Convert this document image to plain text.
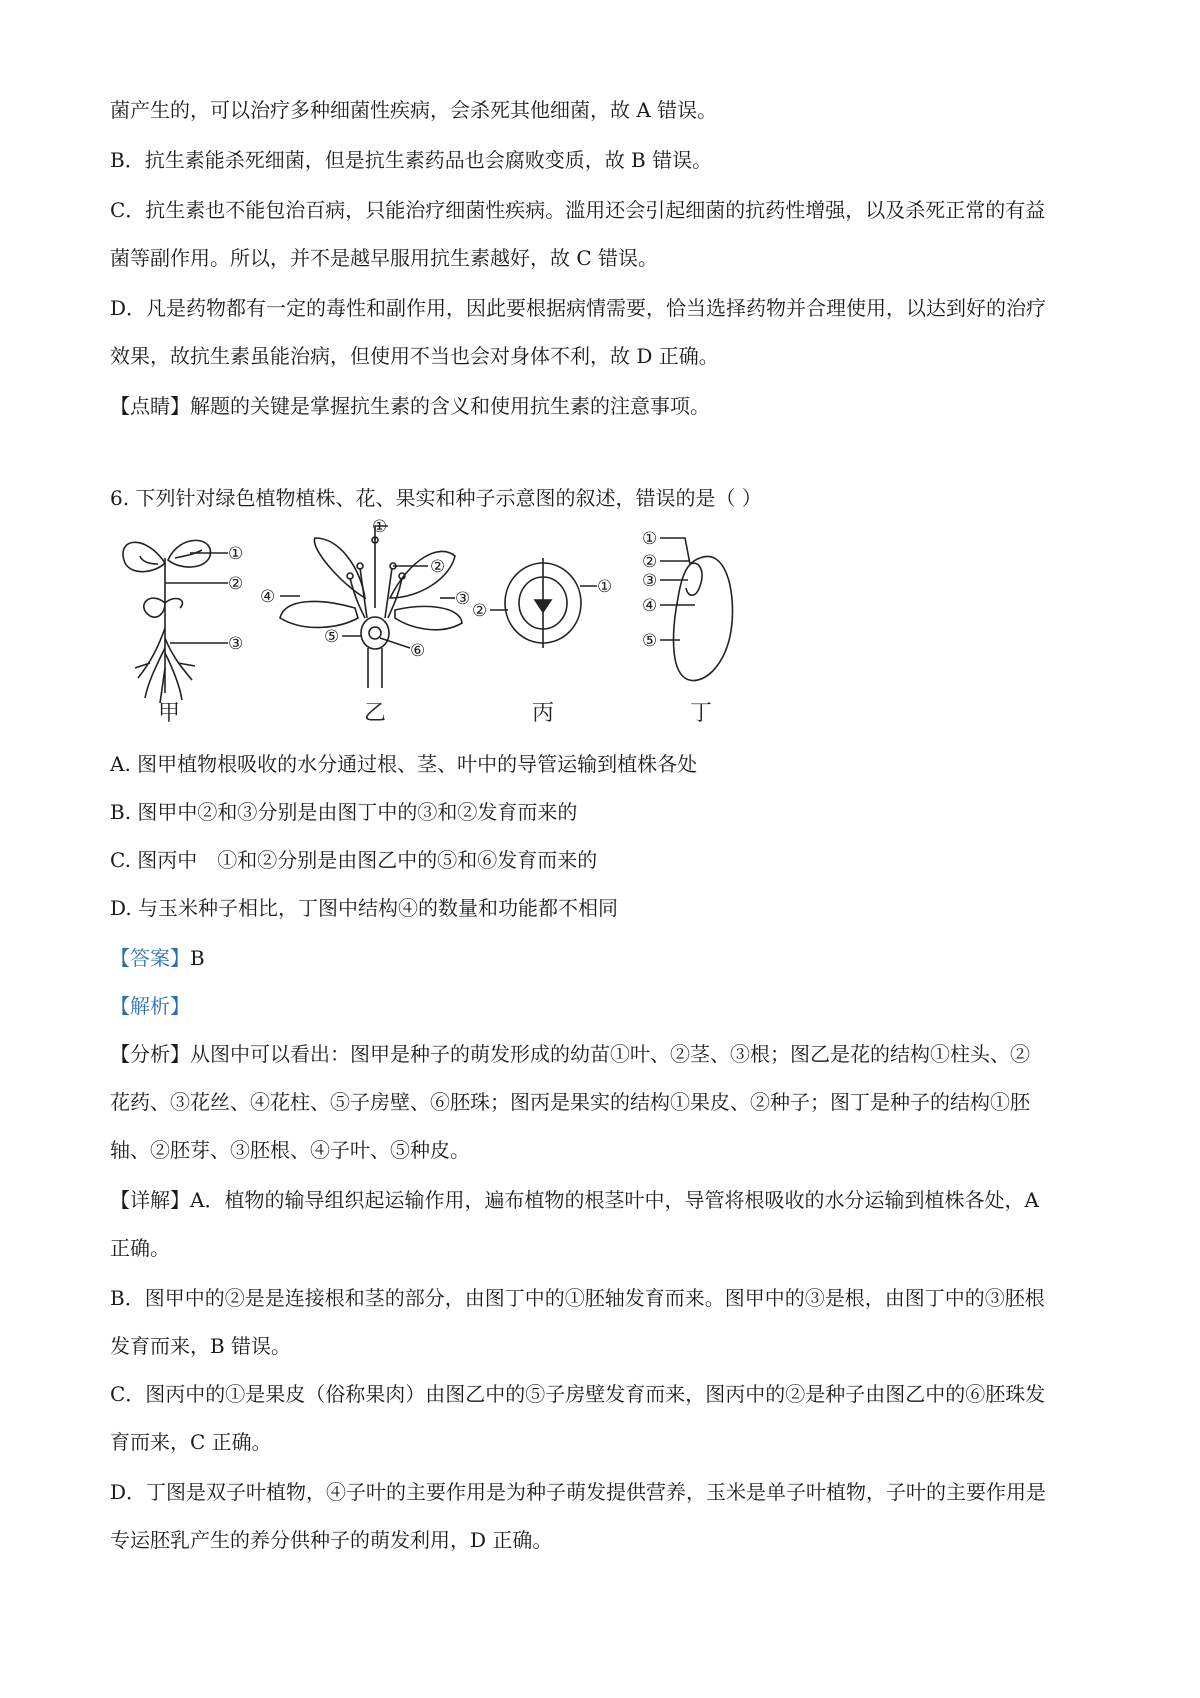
菌产生的，可以治疗多种细菌性疾病，会杀死其他细菌，故 A 错误。
B．抗生素能杀死细菌，但是抗生素药品也会腐败变质，故 B 错误。
C．抗生素也不能包治百病，只能治疗细菌性疾病。滥用还会引起细菌的抗药性增强，以及杀死正常的有益
菌等副作用。所以，并不是越早服用抗生素越好，故 C 错误。
D．凡是药物都有一定的毒性和副作用，因此要根据病情需要，恰当选择药物并合理使用，以达到好的治疗
效果，故抗生素虽能治病，但使用不当也会对身体不利，故 D 正确。
【点睛】解题的关键是掌握抗生素的含义和使用抗生素的注意事项。
6. 下列针对绿色植物植株、花、果实和种子示意图的叙述，错误的是（ ）
①
②
③
甲
①
②
③
④
⑤
⑥
乙
①
②
丙
①
②
③
④
⑤
丁
A. 图甲植物根吸收的水分通过根、茎、叶中的导管运输到植株各处
B. 图甲中②和③分别是由图丁中的③和②发育而来的
C. 图丙中　①和②分别是由图乙中的⑤和⑥发育而来的
D. 与玉米种子相比，丁图中结构④的数量和功能都不相同
【答案】B
【解析】
【分析】从图中可以看出：图甲是种子的萌发形成的幼苗①叶、②茎、③根；图乙是花的结构①柱头、②
花药、③花丝、④花柱、⑤子房壁、⑥胚珠；图丙是果实的结构①果皮、②种子；图丁是种子的结构①胚
轴、②胚芽、③胚根、④子叶、⑤种皮。
【详解】A．植物的输导组织起运输作用，遍布植物的根茎叶中，导管将根吸收的水分运输到植株各处，A
正确。
B．图甲中的②是是连接根和茎的部分，由图丁中的①胚轴发育而来。图甲中的③是根，由图丁中的③胚根
发育而来，B 错误。
C．图丙中的①是果皮（俗称果肉）由图乙中的⑤子房壁发育而来，图丙中的②是种子由图乙中的⑥胚珠发
育而来，C 正确。
D．丁图是双子叶植物，④子叶的主要作用是为种子萌发提供营养，玉米是单子叶植物，子叶的主要作用是
专运胚乳产生的养分供种子的萌发利用，D 正确。
